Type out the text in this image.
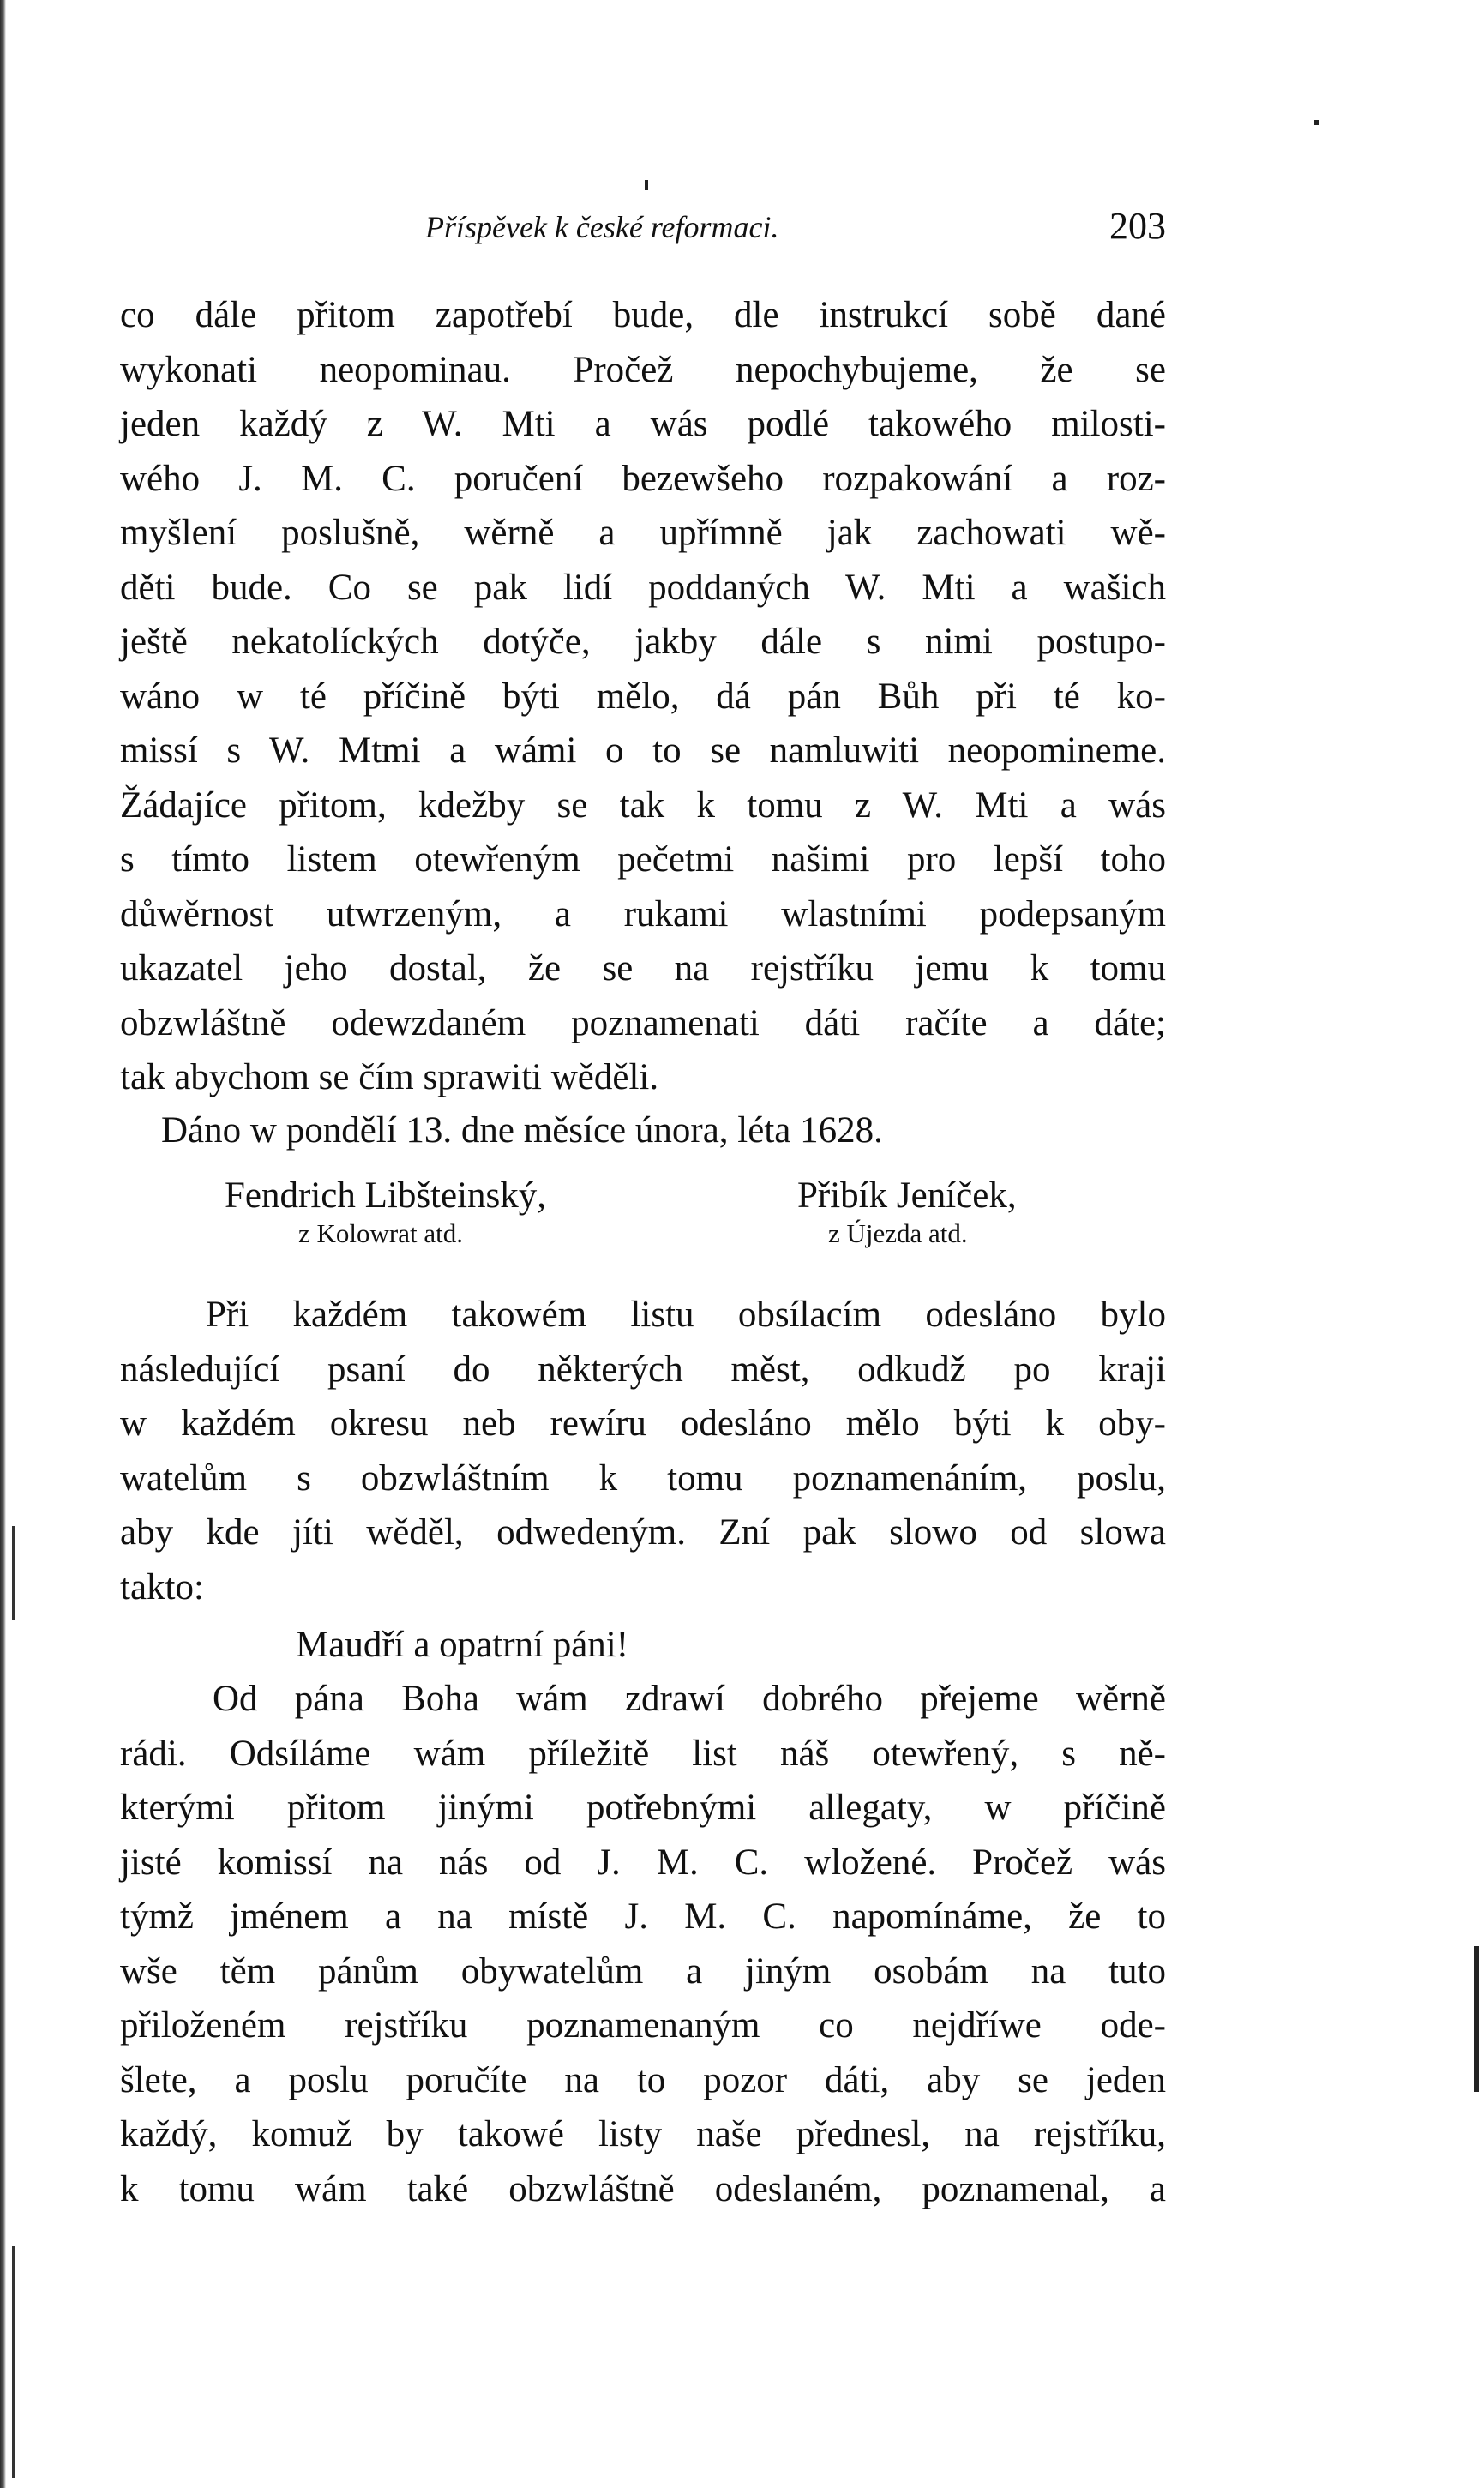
Příspěvek k české reformaci.	203
co dále přitom zapotřebí bude, dle instrukcí sobě dané
wykonati neopominau. Pročež nepochybujeme, že se
jeden každý z W. Mti a wás podlé takowého milosti-
wého J. M. C. poručení bezewšeho rozpakowání a roz-
myšlení poslušně, wěrně a upřímně jak zachowati wě-
děti bude. Co se pak lidí poddaných W. Mti a wašich
ještě nekatolíckých dotýče, jakby dále s nimi postupo-
wáno w té příčině býti mělo, dá pán Bůh při té ko-
missí s W. Mtmi a wámi o to se namluwiti neopomineme.
Žádajíce přitom, kdežby se tak k tomu z W. Mti a wás
s tímto listem otewřeným pečetmi našimi pro lepší toho
důwěrnost utwrzeným, a rukami wlastními podepsaným
ukazatel jeho dostal, že se na rejstříku jemu k tomu
obzwláštně odewzdaném poznamenati dáti račíte a dáte;
tak abychom se čím sprawiti wěděli.
Dáno w pondělí 13. dne měsíce února, léta 1628.
Fendrich Libšteinský,
z Kolowrat atd.
Přibík Jeníček,
z Újezda atd.
Při každém takowém listu obsílacím odesláno bylo
následující psaní do některých měst, odkudž po kraji
w každém okresu neb rewíru odesláno mělo býti k oby-
watelům s obzwláštním k tomu poznamenáním, poslu,
aby kde jíti wěděl, odwedeným. Zní pak slowo od slowa
takto:
Maudří a opatrní páni!
Od pána Boha wám zdrawí dobrého přejeme wěrně
rádi. Odsíláme wám příležitě list náš otewřený, s ně-
kterými přitom jinými potřebnými allegaty, w příčině
jisté komissí na nás od J. M. C. wložené. Pročež wás
týmž jménem a na místě J. M. C. napomínáme, že to
wše těm pánům obywatelům a jiným osobám na tuto
přiloženém rejstříku poznamenaným co nejdříwe ode-
šlete, a poslu poručíte na to pozor dáti, aby se jeden
každý, komuž by takowé listy naše přednesl, na rejstříku,
k tomu wám také obzwláštně odeslaném, poznamenal, a
